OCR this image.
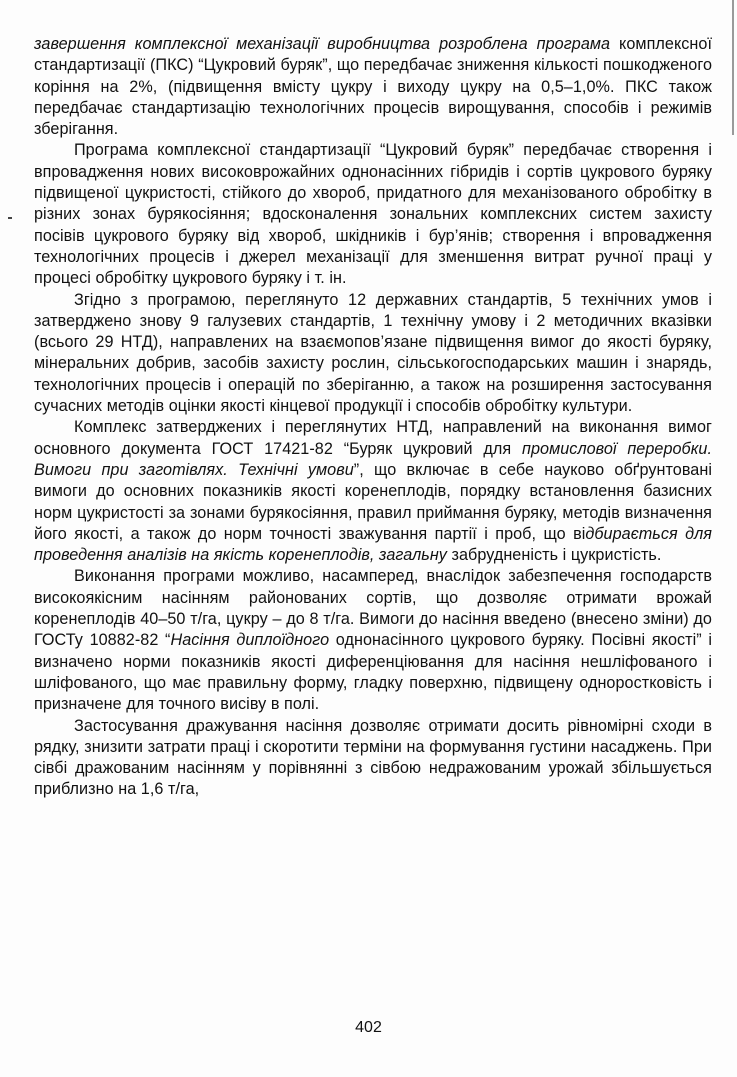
завершення комплексної механізації виробництва розроблена програма комплексної стандартизації (ПКС) “Цукровий буряк”, що передбачає зниження кількості пошкодженого коріння на 2%, (підвищення вмісту цукру і виходу цукру на 0,5–1,0%. ПКС також передбачає стандартизацію технологічних процесів вирощування, способів і режимів зберігання.

Програма комплексної стандартизації “Цукровий буряк” передбачає створення і впровадження нових високоврожайних однонасінних гібридів і сортів цукрового буряку підвищеної цукристості, стійкого до хвороб, придатного для механізованого обробітку в різних зонах бурякосіяння; вдосконалення зональних комплексних систем захисту посівів цукрового буряку від хвороб, шкідників і бур’янів; створення і впровадження технологічних процесів і джерел механізації для зменшення витрат ручної праці у процесі обробітку цукрового буряку і т. ін.

Згідно з програмою, переглянуто 12 державних стандартів, 5 технічних умов і затверджено знову 9 галузевих стандартів, 1 технічну умову і 2 методичних вказівки (всього 29 НТД), направлених на взаємопов’язане підвищення вимог до якості буряку, мінеральних добрив, засобів захисту рослин, сільськогосподарських машин і знарядь, технологічних процесів і операцій по зберіганню, а також на розширення застосування сучасних методів оцінки якості кінцевої продукції і способів обробітку культури.

Комплекс затверджених і переглянутих НТД, направлений на виконання вимог основного документа ГОСТ 17421-82 “Буряк цукровий для промислової переробки. Вимоги при заготівлях. Технічні умови”, що включає в себе науково обґрунтовані вимоги до основних показників якості коренеплодів, порядку встановлення базисних норм цукристості за зонами бурякосіяння, правил приймання буряку, методів визначення його якості, а також до норм точності зважування партії і проб, що відбирається для проведення аналізів на якість коренеплодів, загальну забрудненість і цукристість.

Виконання програми можливо, насамперед, внаслідок забезпечення господарств високоякісним насінням районованих сортів, що дозволяє отримати врожай коренеплодів 40–50 т/га, цукру – до 8 т/га. Вимоги до насіння введено (внесено зміни) до ГОСТу 10882-82 “Насіння диплоїдного однонасінного цукрового буряку. Посівні якості” і визначено норми показників якості диференціювання для насіння нешліфованого і шліфованого, що має правильну форму, гладку поверхню, підвищену одноростковість і призначене для точного висіву в полі.

Застосування дражування насіння дозволяє отримати досить рівномірні сходи в рядку, знизити затрати праці і скоротити терміни на формування густини насаджень. При сівбі дражованим насінням у порівнянні з сівбою недражованим урожай збільшується приблизно на 1,6 т/га,

402
